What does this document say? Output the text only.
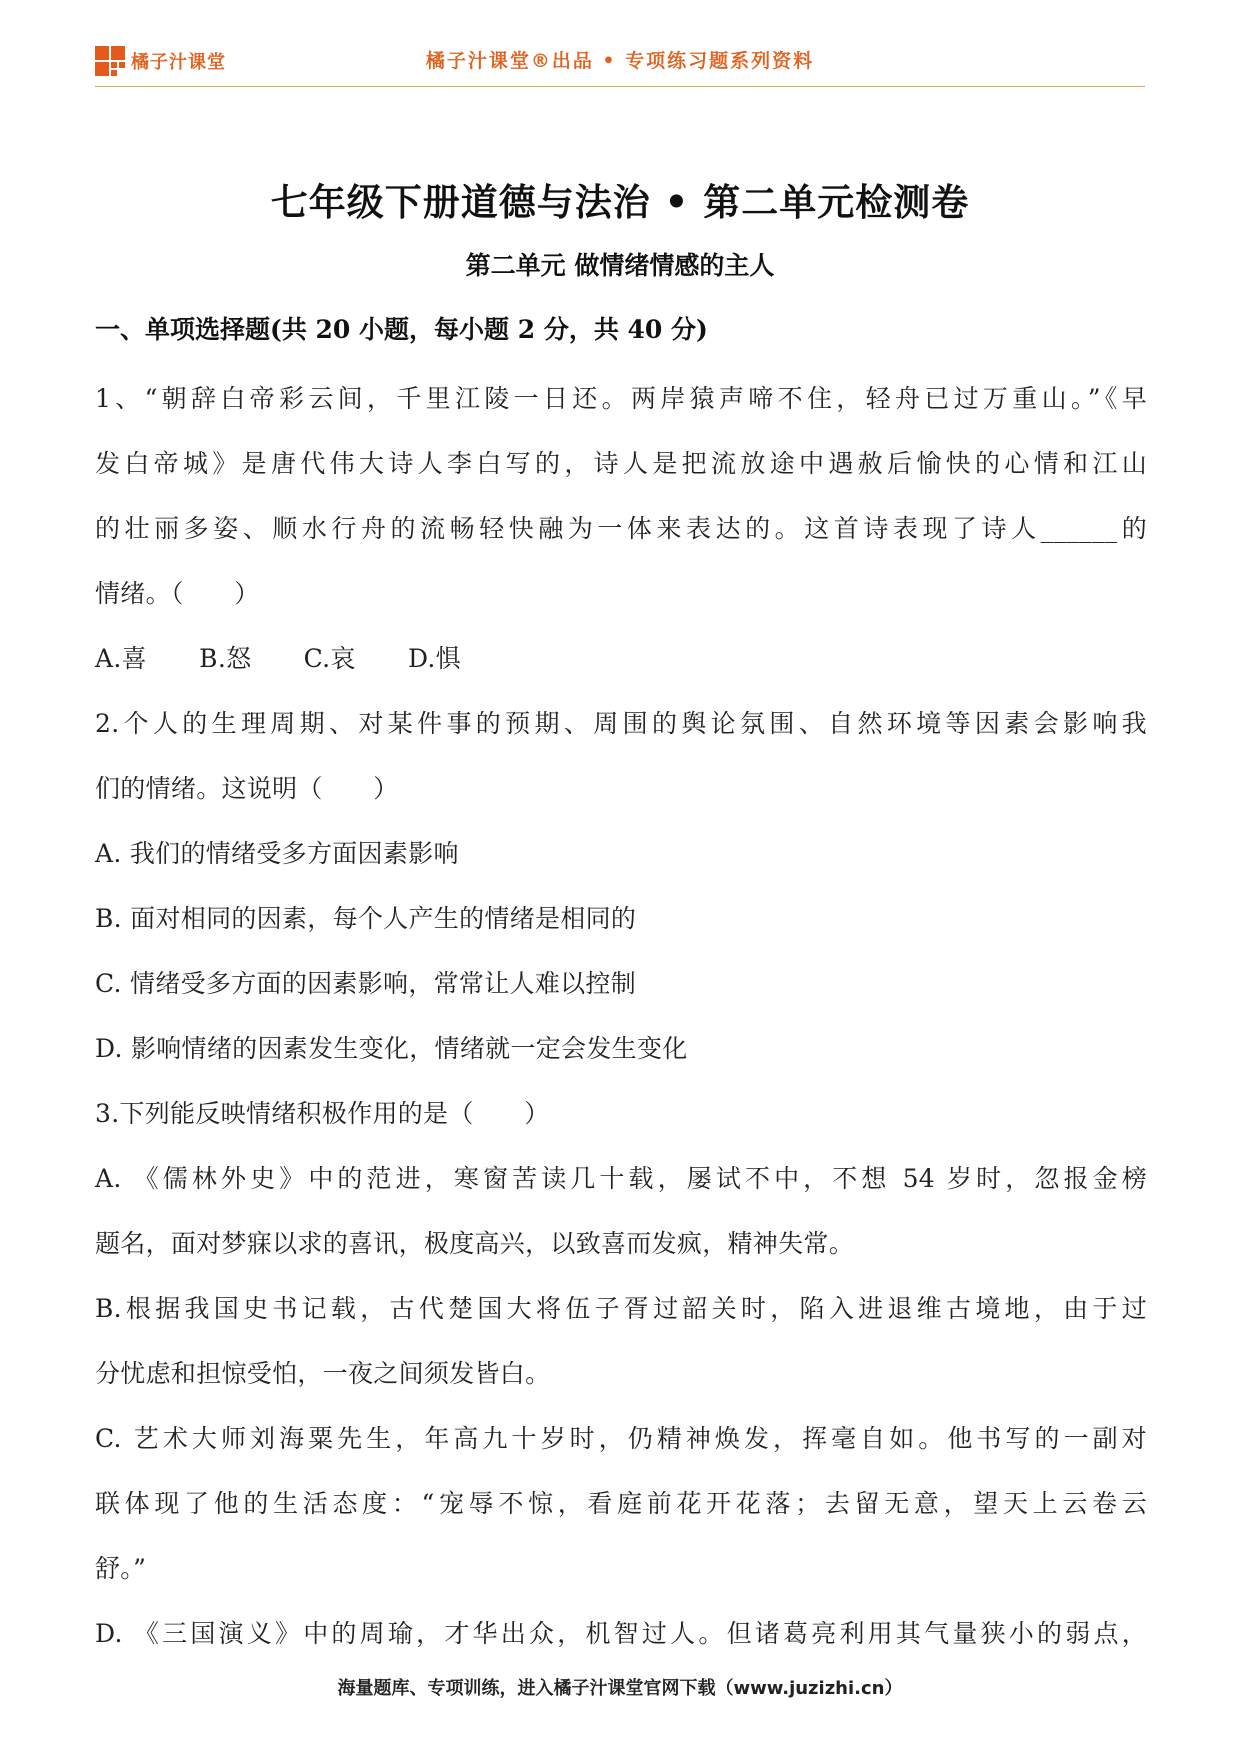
橘子汁课堂	橘子汁课堂®出品 • 专项练习题系列资料
七年级下册道德与法治 • 第二单元检测卷
第二单元 做情绪情感的主人
一、单项选择题(共 20 小题，每小题 2 分，共 40 分)
1、“朝辞白帝彩云间，千里江陵一日还。两岸猿声啼不住，轻舟已过万重山。”《早
发白帝城》是唐代伟大诗人李白写的，诗人是把流放途中遇赦后愉快的心情和江山
的壮丽多姿、顺水行舟的流畅轻快融为一体来表达的。这首诗表现了诗人______的
情绪。（　　）
A.喜 B.怒 C.哀 D.惧
2.个人的生理周期、对某件事的预期、周围的舆论氛围、自然环境等因素会影响我
们的情绪。这说明（　　）
A. 我们的情绪受多方面因素影响
B. 面对相同的因素，每个人产生的情绪是相同的
C. 情绪受多方面的因素影响，常常让人难以控制
D. 影响情绪的因素发生变化，情绪就一定会发生变化
3.下列能反映情绪积极作用的是（　　）
A. 《儒林外史》中的范进，寒窗苦读几十载，屡试不中，不想 54 岁时，忽报金榜
题名，面对梦寐以求的喜讯，极度高兴，以致喜而发疯，精神失常。
B.根据我国史书记载，古代楚国大将伍子胥过韶关时，陷入进退维古境地，由于过
分忧虑和担惊受怕，一夜之间须发皆白。
C. 艺术大师刘海粟先生，年高九十岁时，仍精神焕发，挥毫自如。他书写的一副对
联体现了他的生活态度：“宠辱不惊，看庭前花开花落；去留无意，望天上云卷云
舒。”
D. 《三国演义》中的周瑜，才华出众，机智过人。但诸葛亮利用其气量狭小的弱点，
海量题库、专项训练，进入橘子汁课堂官网下载（www.juzizhi.cn）
